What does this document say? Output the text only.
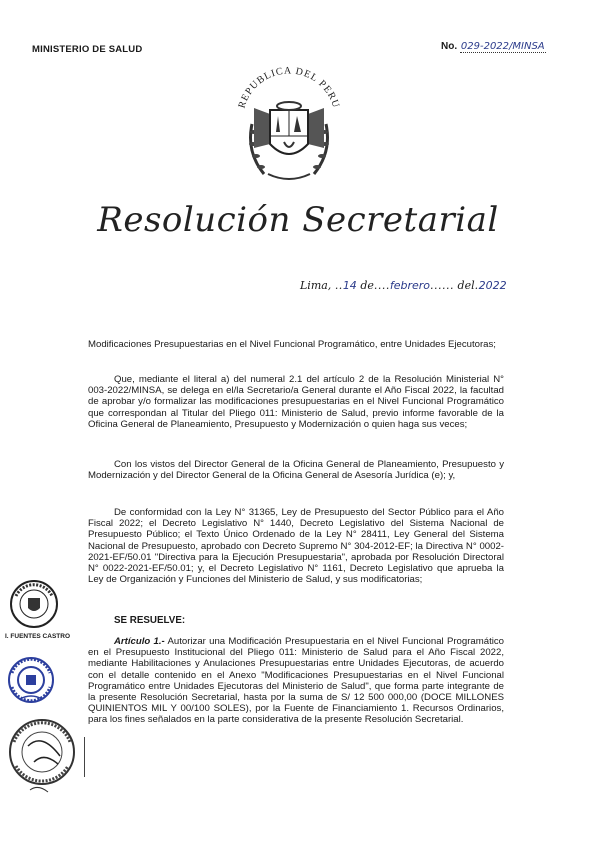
MINISTERIO DE SALUD	No. 029-2022/MINSA
REPUBLICA DEL PERU
Resolución Secretarial
Lima, ..14 de....febrero...... del.2022
Modificaciones Presupuestarias en el Nivel Funcional Programático, entre Unidades Ejecutoras;
Que, mediante el literal a) del numeral 2.1 del artículo 2 de la Resolución Ministerial N° 003-2022/MINSA, se delega en el/la Secretario/a General durante el Año Fiscal 2022, la facultad de aprobar y/o formalizar las modificaciones presupuestarias en el Nivel Funcional Programático que correspondan al Titular del Pliego 011: Ministerio de Salud, previo informe favorable de la Oficina General de Planeamiento, Presupuesto y Modernización o quien haga sus veces;
Con los vistos del Director General de la Oficina General de Planeamiento, Presupuesto y Modernización y del Director General de la Oficina General de Asesoría Jurídica (e); y,
De conformidad con la Ley N° 31365, Ley de Presupuesto del Sector Público para el Año Fiscal 2022; el Decreto Legislativo N° 1440, Decreto Legislativo del Sistema Nacional de Presupuesto Público; el Texto Único Ordenado de la Ley N° 28411, Ley General del Sistema Nacional de Presupuesto, aprobado con Decreto Supremo N° 304-2012-EF; la Directiva N° 0002-2021-EF/50.01 "Directiva para la Ejecución Presupuestaria", aprobada por Resolución Directoral N° 0022-2021-EF/50.01; y, el Decreto Legislativo N° 1161, Decreto Legislativo que aprueba la Ley de Organización y Funciones del Ministerio de Salud, y sus modificatorias;
SE RESUELVE:
Artículo 1.- Autorizar una Modificación Presupuestaria en el Nivel Funcional Programático en el Presupuesto Institucional del Pliego 011: Ministerio de Salud para el Año Fiscal 2022, mediante Habilitaciones y Anulaciones Presupuestarias entre Unidades Ejecutoras, de acuerdo con el detalle contenido en el Anexo "Modificaciones Presupuestarias en el Nivel Funcional Programático entre Unidades Ejecutoras del Ministerio de Salud", que forma parte integrante de la presente Resolución Secretarial, hasta por la suma de S/ 12 500 000,00 (DOCE MILLONES QUINIENTOS MIL Y 00/100 SOLES), por la Fuente de Financiamiento 1. Recursos Ordinarios, para los fines señalados en la parte considerativa de la presente Resolución Secretarial.
I. FUENTES CASTRO
